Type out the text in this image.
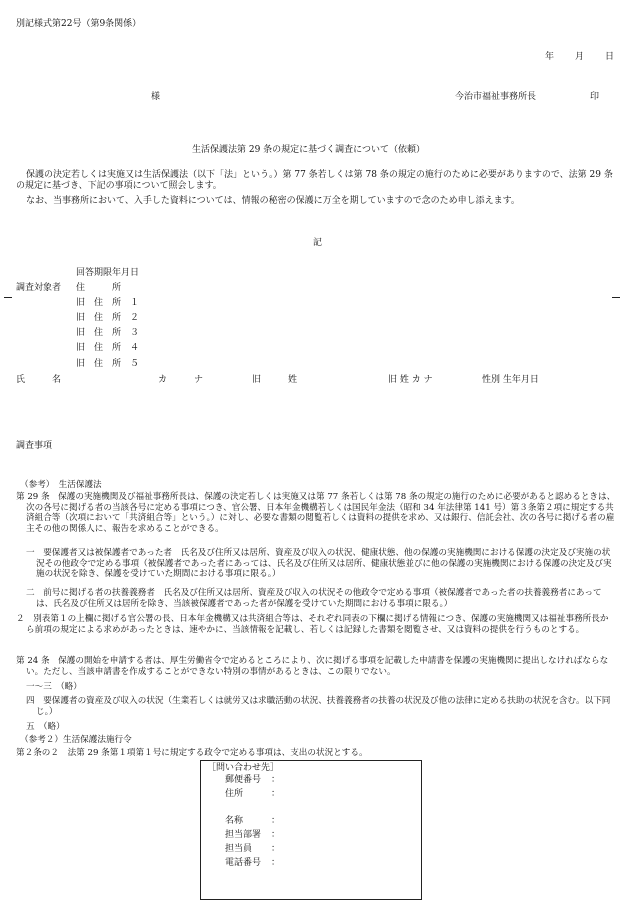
別記様式第22号（第9条関係）
年 月 日
様	今治市福祉事務所長	印
生活保護法第 29 条の規定に基づく調査について（依頼）
保護の決定若しくは実施又は生活保護法（以下「法」という。）第 77 条若しくは第 78 条の規定の施行のために必要がありますので、法第 29 条の規定に基づき、下記の事項について照会します。
なお、当事務所において、入手した資料については、情報の秘密の保護に万全を期していますので念のため申し添えます。
記
回答期限年月日
調査対象者 住　　　所
旧　住　所　１
旧　住　所　２
旧　住　所　３
旧　住　所　４
旧　住　所　５
氏　　　名	カ　　　ナ	旧　　　姓	旧 姓 カ ナ	性別 生年月日
調査事項
（参考）　生活保護法
第 29 条　保護の実施機関及び福祉事務所長は、保護の決定若しくは実施又は第 77 条若しくは第 78 条の規定の施行のために必要があると認めるときは、次の各号に掲げる者の当該各号に定める事項につき、官公署、日本年金機構若しくは国民年金法（昭和 34 年法律第 141 号）第３条第２項に規定する共済組合等（次項において「共済組合等」という。）に対し、必要な書類の閲覧若しくは資料の提供を求め、又は銀行、信託会社、次の各号に掲げる者の雇主その他の関係人に、報告を求めることができる。
一　要保護者又は被保護者であった者　氏名及び住所又は居所、資産及び収入の状況、健康状態、他の保護の実施機関における保護の決定及び実施の状況その他政令で定める事項（被保護者であった者にあっては、氏名及び住所又は居所、健康状態並びに他の保護の実施機関における保護の決定及び実施の状況を除き、保護を受けていた期間における事項に限る。）
二　前号に掲げる者の扶養義務者　氏名及び住所又は居所、資産及び収入の状況その他政令で定める事項（被保護者であった者の扶養義務者にあっては、氏名及び住所又は居所を除き、当該被保護者であった者が保護を受けていた期間における事項に限る。）
２　別表第１の上欄に掲げる官公署の長、日本年金機構又は共済組合等は、それぞれ同表の下欄に掲げる情報につき、保護の実施機関又は福祉事務所長から前項の規定による求めがあったときは、速やかに、当該情報を記載し、若しくは記録した書類を閲覧させ、又は資料の提供を行うものとする。
第 24 条　保護の開始を申請する者は、厚生労働省令で定めるところにより、次に掲げる事項を記載した申請書を保護の実施機関に提出しなければならない。ただし、当該申請書を作成することができない特別の事情があるときは、この限りでない。
一～三　（略）
四　要保護者の資産及び収入の状況（生業若しくは就労又は求職活動の状況、扶養義務者の扶養の状況及び他の法律に定める扶助の状況を含む。以下同じ。）
五　（略）
（参考２）生活保護法施行令
第２条の２　法第 29 条第１項第１号に規定する政令で定める事項は、支出の状況とする。
［問い合わせ先］
郵便番号 ：
住所	：
名称	：
担当部署 ：
担当員 ：
電話番号 ：
